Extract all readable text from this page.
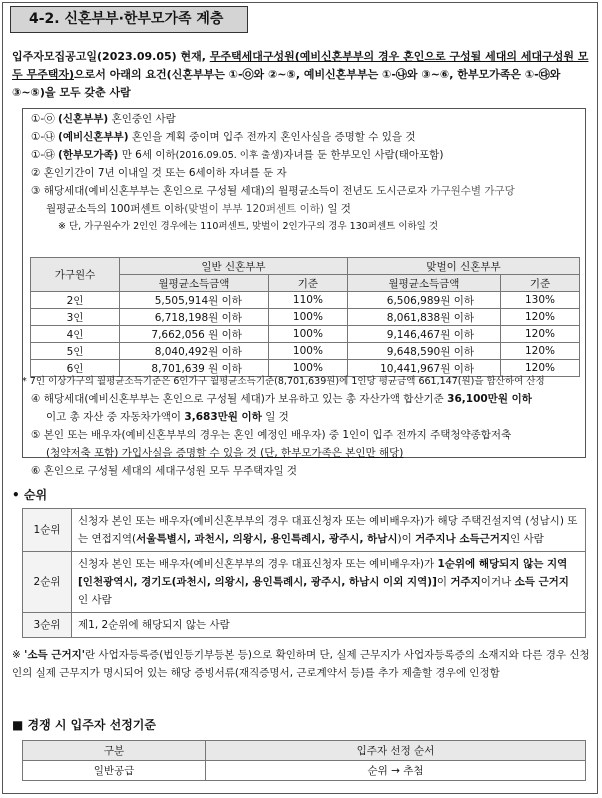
4-2. 신혼부부·한부모가족 계층
입주자모집공고일(2023.09.05) 현재, 무주택세대구성원(예비신혼부부의 경우 혼인으로 구성될 세대의 세대구성원 모두 무주택자)으로서 아래의 요건(신혼부부는 ①-㉧와 ②~⑤, 예비신혼부부는 ①-㉯와 ③~⑥, 한부모가족은 ①-㉰와 ③~⑤)을 모두 갖춘 사람
①-㉧ (신혼부부) 혼인중인 사람
①-㉯ (예비신혼부부) 혼인을 계획 중이며 입주 전까지 혼인사실을 증명할 수 있을 것
①-㉰ (한부모가족) 만 6세 이하(2016.09.05. 이후 출생)자녀를 둔 한부모인 사람(태아포함)
② 혼인기간이 7년 이내일 것 또는 6세이하 자녀를 둔 자
③ 해당세대(예비신혼부부는 혼인으로 구성될 세대)의 월평균소득이 전년도 도시근로자 가구원수별 가구당
월평균소득의 100퍼센트 이하(맞벌이 부부 120퍼센트 이하) 일 것
※ 단, 가구원수가 2인인 경우에는 110퍼센트, 맞벌이 2인가구의 경우 130퍼센트 이하일 것
가구원수	일반 신혼부부		맞벌이 신혼부부	
	월평균소득금액	기준	월평균소득금액	기준
2인	5,505,914원 이하	110%	6,506,989원 이하	130%
3인	6,718,198원 이하	100%	8,061,838원 이하	120%
4인	7,662,056 원 이하	100%	9,146,467원 이하	120%
5인	8,040,492원 이하	100%	9,648,590원 이하	120%
6인	8,701,639 원 이하	100%	10,441,967원 이하	120%
* 7인 이상가구의 월평균소득기준은 6인가구 월평균소득기준(8,701,639원)에 1인당 평균금액 661,147(원)을 합산하여 산정
④ 해당세대(예비신혼부부는 혼인으로 구성될 세대)가 보유하고 있는 총 자산가액 합산기준 36,100만원 이하
이고 총 자산 중 자동차가액이 3,683만원 이하 일 것
⑤ 본인 또는 배우자(예비신혼부부의 경우는 혼인 예정인 배우자) 중 1인이 입주 전까지 주택청약종합저축
(청약저축 포함) 가입사실을 증명할 수 있을 것 (단, 한부모가족은 본인만 해당)
⑥ 혼인으로 구성될 세대의 세대구성원 모두 무주택자일 것
• 순위
1순위	신청자 본인 또는 배우자(예비신혼부부의 경우 대표신청자 또는 예비배우자)가 해당 주택건설지역 (성남시) 또는 연접지역(서울특별시, 과천시, 의왕시, 용인특례시, 광주시, 하남시)이 거주지나 소득근거지인 사람
2순위	신청자 본인 또는 배우자(예비신혼부부의 경우 대표신청자 또는 예비배우자)가 1순위에 해당되지 않는 지역[인천광역시, 경기도(과천시, 의왕시, 용인특례시, 광주시, 하남시 이외 지역)]이 거주지이거나 소득 근거지인 사람
3순위	제1, 2순위에 해당되지 않는 사람
※ '소득 근거지'란 사업자등록증(법인등기부등본 등)으로 확인하며 단, 실제 근무지가 사업자등록증의 소재지와 다른 경우 신청인의 실제 근무지가 명시되어 있는 해당 증빙서류(재직증명서, 근로계약서 등)를 추가 제출할 경우에 인정함
■ 경쟁 시 입주자 선정기준
구분	입주자 선정 순서
일반공급	순위 → 추첨
